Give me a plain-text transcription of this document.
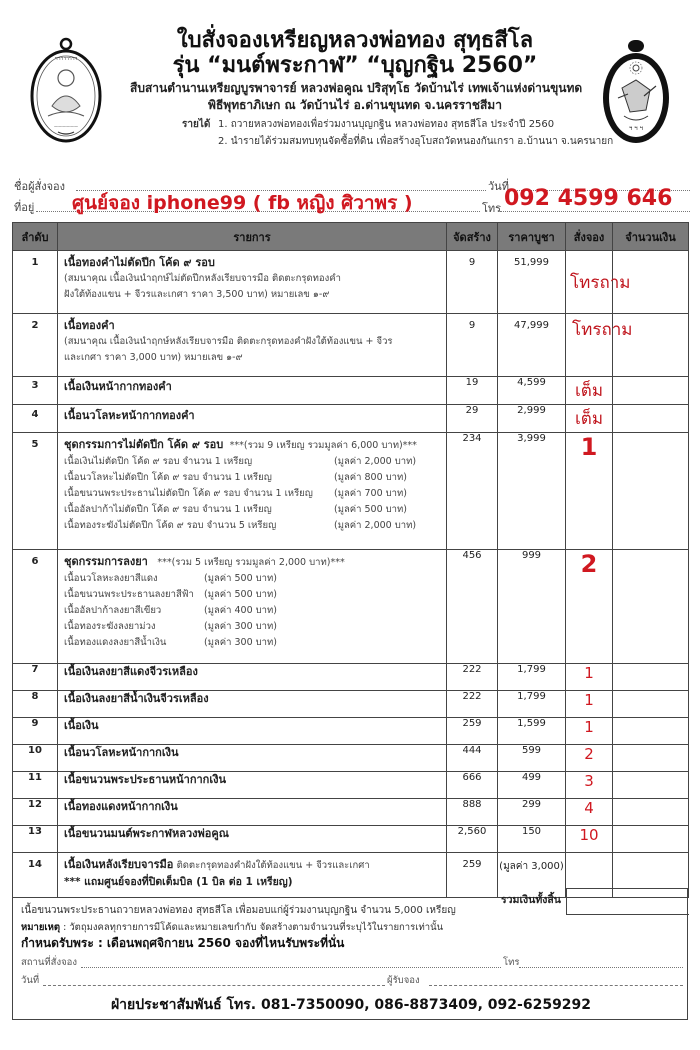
ฯฯฯฯฯฯฯฯ
——————	ฯ ฯ ฯ
ใบสั่งจองเหรียญหลวงพ่อทอง สุทฺธสีโล
รุ่น “มนต์พระกาฬ” “บุญกฐิน 2560”
สืบสานตำนานเหรียญบูรพาจารย์ หลวงพ่อคูณ ปริสุทฺโธ วัดบ้านไร่ เทพเจ้าแห่งด่านขุนทด
พิธีพุทธาภิเษก ณ วัดบ้านไร่ อ.ด่านขุนทด จ.นครราชสีมา
รายได้ 1. ถวายหลวงพ่อทองเพื่อร่วมงานบุญกฐิน หลวงพ่อทอง สุทธสีโล ประจำปี 2560
2. นำรายได้ร่วมสมทบทุนจัดซื้อที่ดิน เพื่อสร้างอุโบสถวัดหนองกันเกรา อ.บ้านนา จ.นครนายก
ชื่อผู้สั่งจอง	วันที่
ที่อยู่ ศูนย์จอง iphone99 ( fb หญิง ศิวาพร )	โทร 092 4599 646
ลำดับ	รายการ	จัดสร้าง	ราคาบูชา	สั่งจอง	จำนวนเงิน
1	เนื้อทองคำไม่ตัดปีก โค้ด ๙ รอบ
(สมนาคุณ เนื้อเงินนำฤกษ์ไม่ตัดปีกหลังเรียบจารมือ ติดตะกรุดทองคำ
ฝังใต้ท้องแขน + จีวรและเกศา ราคา 3,500 บาท) หมายเลข ๑-๙	9	51,999	โทรถาม	

2	เนื้อทองคำ
(สมนาคุณ เนื้อเงินนำฤกษ์หลังเรียบจารมือ ติดตะกรุดทองคำฝังใต้ท้องแขน + จีวร
และเกศา ราคา 3,000 บาท) หมายเลข ๑-๙	9	47,999	โทรถาม	

3	เนื้อเงินหน้ากากทองคำ	19	4,599	เต็ม	
4	เนื้อนวโลหะหน้ากากทองคำ	29	2,999	เต็ม	
5	ชุดกรรมการไม่ตัดปีก โค้ด ๙ รอบ ***(รวม 9 เหรียญ รวมมูลค่า 6,000 บาท)***
เนื้อเงินไม่ตัดปีก โค้ด ๙ รอบ จำนวน 1 เหรียญ	(มูลค่า 2,000 บาท)
เนื้อนวโลหะไม่ตัดปีก โค้ด ๙ รอบ จำนวน 1 เหรียญ	(มูลค่า 800 บาท)
เนื้อขนวนพระประธานไม่ตัดปีก โค้ด ๙ รอบ จำนวน 1 เหรียญ	(มูลค่า 700 บาท)
เนื้ออัลปาก้าไม่ตัดปีก โค้ด ๙ รอบ จำนวน 1 เหรียญ	(มูลค่า 500 บาท)
เนื้อทองระฆังไม่ตัดปีก โค้ด ๙ รอบ จำนวน 5 เหรียญ	(มูลค่า 2,000 บาท)
	234	3,999	1	
6	ชุดกรรมการลงยา ***(รวม 5 เหรียญ รวมมูลค่า 2,000 บาท)***
เนื้อนวโลหะลงยาสีแดง	(มูลค่า 500 บาท)
เนื้อขนวนพระประธานลงยาสีฟ้า	(มูลค่า 500 บาท)
เนื้ออัลปาก้าลงยาสีเขียว	(มูลค่า 400 บาท)
เนื้อทองระฆังลงยาม่วง	(มูลค่า 300 บาท)
เนื้อทองแดงลงยาสีน้ำเงิน	(มูลค่า 300 บาท)
	456	999	2	
7	เนื้อเงินลงยาสีแดงจีวรเหลือง	222	1,799	1	
8	เนื้อเงินลงยาสีน้ำเงินจีวรเหลือง	222	1,799	1	
9	เนื้อเงิน	259	1,599	1	
10	เนื้อนวโลหะหน้ากากเงิน	444	599	2	
11	เนื้อขนวนพระประธานหน้ากากเงิน	666	499	3	
12	เนื้อทองแดงหน้ากากเงิน	888	299	4	
13	เนื้อขนวนมนต์พระกาฬหลวงพ่อคูณ	2,560	150	10	
14	เนื้อเงินหลังเรียบจารมือ ติดตะกรุดทองคำฝังใต้ท้องแขน + จีวรและเกศา
*** แถมศูนย์จองที่ปิดเต็มบิล (1 บิล ต่อ 1 เหรียญ)	259	(มูลค่า 3,000)		
เนื้อขนวนพระประธานถวายหลวงพ่อทอง สุทธสีโล เพื่อมอบแก่ผู้ร่วมงานบุญกฐิน จำนวน 5,000 เหรียญ
รวมเงินทั้งสิ้น
หมายเหตุ : วัตถุมงคลทุกรายการมีโค้ดและหมายเลขกำกับ จัดสร้างตามจำนวนที่ระบุไว้ในรายการเท่านั้น
กำหนดรับพระ : เดือนพฤศจิกายน 2560 จองที่ไหนรับพระที่นั่น
สถานที่สั่งจอง	โทร
วันที่	ผู้รับจอง
ฝ่ายประชาสัมพันธ์ โทร. 081-7350090, 086-8873409, 092-6259292
